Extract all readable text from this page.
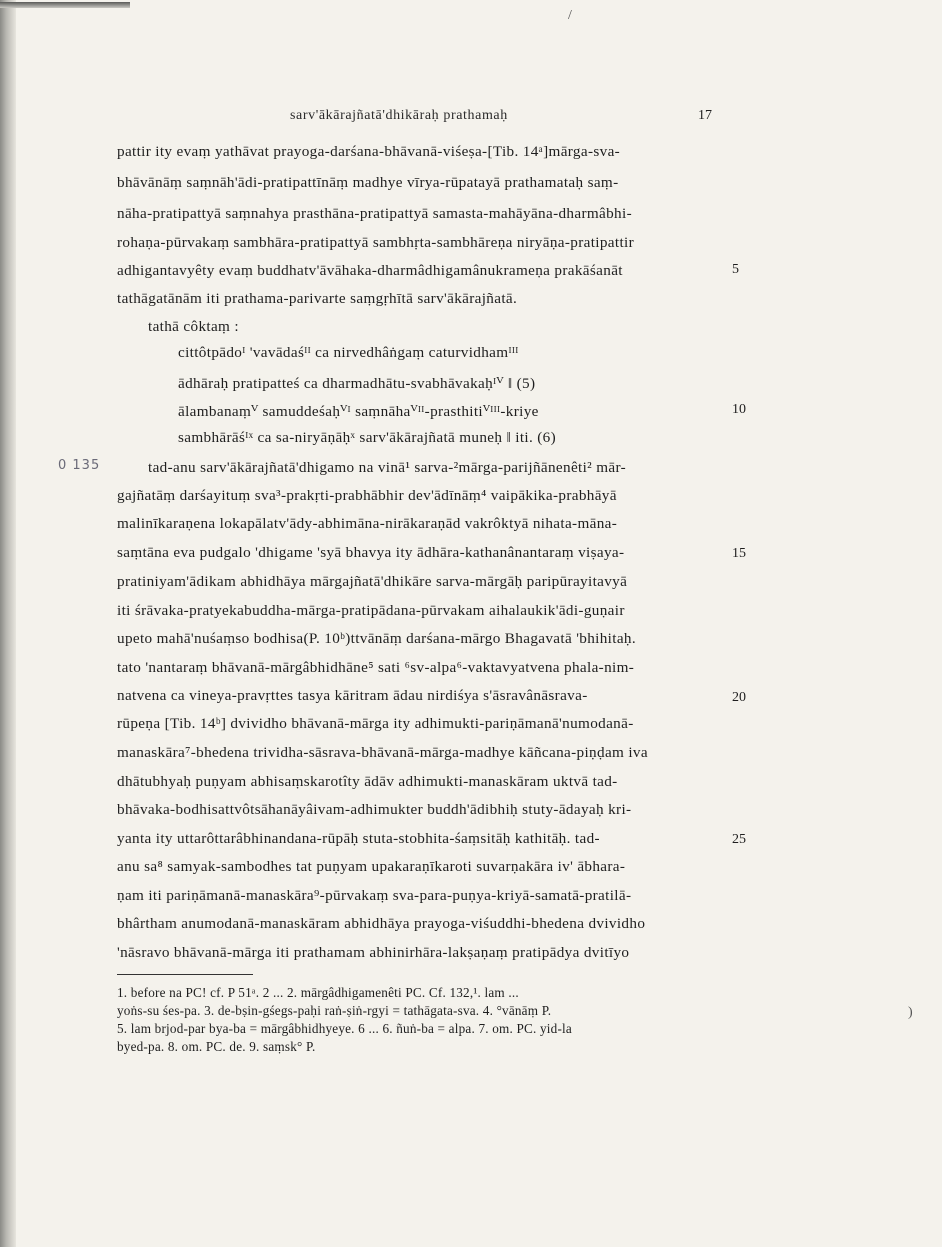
/
sarv'ākārajñatā'dhikāraḥ prathamaḥ	17
0 135
pattir ity evaṃ yathāvat prayoga-darśana-bhāvanā-viśeṣa-[Tib. 14ᵃ]mārga-sva-
bhāvānāṃ saṃnāh'ādi-pratipattīnāṃ madhye vīrya-rūpatayā prathamataḥ saṃ-
nāha-pratipattyā saṃnahya prasthāna-pratipattyā samasta-mahāyāna-dharmâbhi-
rohaṇa-pūrvakaṃ sambhāra-pratipattyā sambhṛta-sambhāreṇa niryāṇa-pratipattir
adhigantavyêty evaṃ buddhatv'āvāhaka-dharmâdhigamânukrameṇa prakāśanāt
tathāgatānām iti prathama-parivarte saṃgṛhītā sarv'ākārajñatā.
tathā côktaṃ :
cittôtpādoᴵ 'vavādaśᴵᴵ ca nirvedhâṅgaṃ caturvidhamᴵᴵᴵ
ādhāraḥ pratipatteś ca dharmadhātu-svabhāvakaḥᴵⱽ ‖ (5)
ālambanaṃⱽ samuddeśaḥⱽᴵ saṃnāhaⱽᴵᴵ-prasthitiⱽᴵᴵᴵ-kriye
sambhārāśᴵˣ ca sa-niryāṇāḥˣ sarv'ākārajñatā muneḥ ‖ iti. (6)
tad-anu sarv'ākārajñatā'dhigamo na vinā¹ sarva-²mārga-parijñānenêti² mār-
gajñatāṃ darśayituṃ sva³-prakṛti-prabhābhir dev'ādīnāṃ⁴ vaipākika-prabhāyā
malinīkaraṇena lokapālatv'ādy-abhimāna-nirākaraṇād vakrôktyā nihata-māna-
saṃtāna eva pudgalo 'dhigame 'syā bhavya ity ādhāra-kathanânantaraṃ viṣaya-
pratiniyam'ādikam abhidhāya mārgajñatā'dhikāre sarva-mārgāḥ paripūrayitavyā
iti śrāvaka-pratyekabuddha-mārga-pratipādana-pūrvakam aihalaukik'ādi-guṇair
upeto mahā'nuśaṃso bodhisa(P. 10ᵇ)ttvānāṃ darśana-mārgo Bhagavatā 'bhihitaḥ.
tato 'nantaraṃ bhāvanā-mārgâbhidhāne⁵ sati ⁶sv-alpa⁶-vaktavyatvena phala-nim-
natvena ca vineya-pravṛttes tasya kāritram ādau nirdiśya s'āsravânāsrava-
rūpeṇa [Tib. 14ᵇ] dvividho bhāvanā-mārga ity adhimukti-pariṇāmanā'numodanā-
manaskāra⁷-bhedena trividha-sāsrava-bhāvanā-mārga-madhye kāñcana-piṇḍam iva
dhātubhyaḥ puṇyam abhisaṃskarotîty ādāv adhimukti-manaskāram uktvā tad-
bhāvaka-bodhisattvôtsāhanāyâivam-adhimukter buddh'ādibhiḥ stuty-ādayaḥ kri-
yanta ity uttarôttarâbhinandana-rūpāḥ stuta-stobhita-śaṃsitāḥ kathitāḥ. tad-
anu sa⁸ samyak-sambodhes tat puṇyam upakaraṇīkaroti suvarṇakāra iv' ābhara-
ṇam iti pariṇāmanā-manaskāra⁹-pūrvakaṃ sva-para-puṇya-kriyā-samatā-pratilā-
bhârtham anumodanā-manaskāram abhidhāya prayoga-viśuddhi-bhedena dvividho
'nāsravo bhāvanā-mārga iti prathamam abhinirhāra-lakṣaṇaṃ pratipādya dvitīyo
5
10
15
20
25
1. before na PC! cf. P 51ᵃ. 2 ... 2. mārgâdhigamenêti PC. Cf. 132,¹. lam ...
yoṅs-su śes-pa. 3. de-bṣin-gśegs-paḥi raṅ-ṣiṅ-rgyi = tathāgata-sva. 4. °vānāṃ P.
5. lam brjod-par bya-ba = mārgâbhidhyeye. 6 ... 6. ñuṅ-ba = alpa. 7. om. PC. yid-la
byed-pa. 8. om. PC. de. 9. saṃsk° P.
)
